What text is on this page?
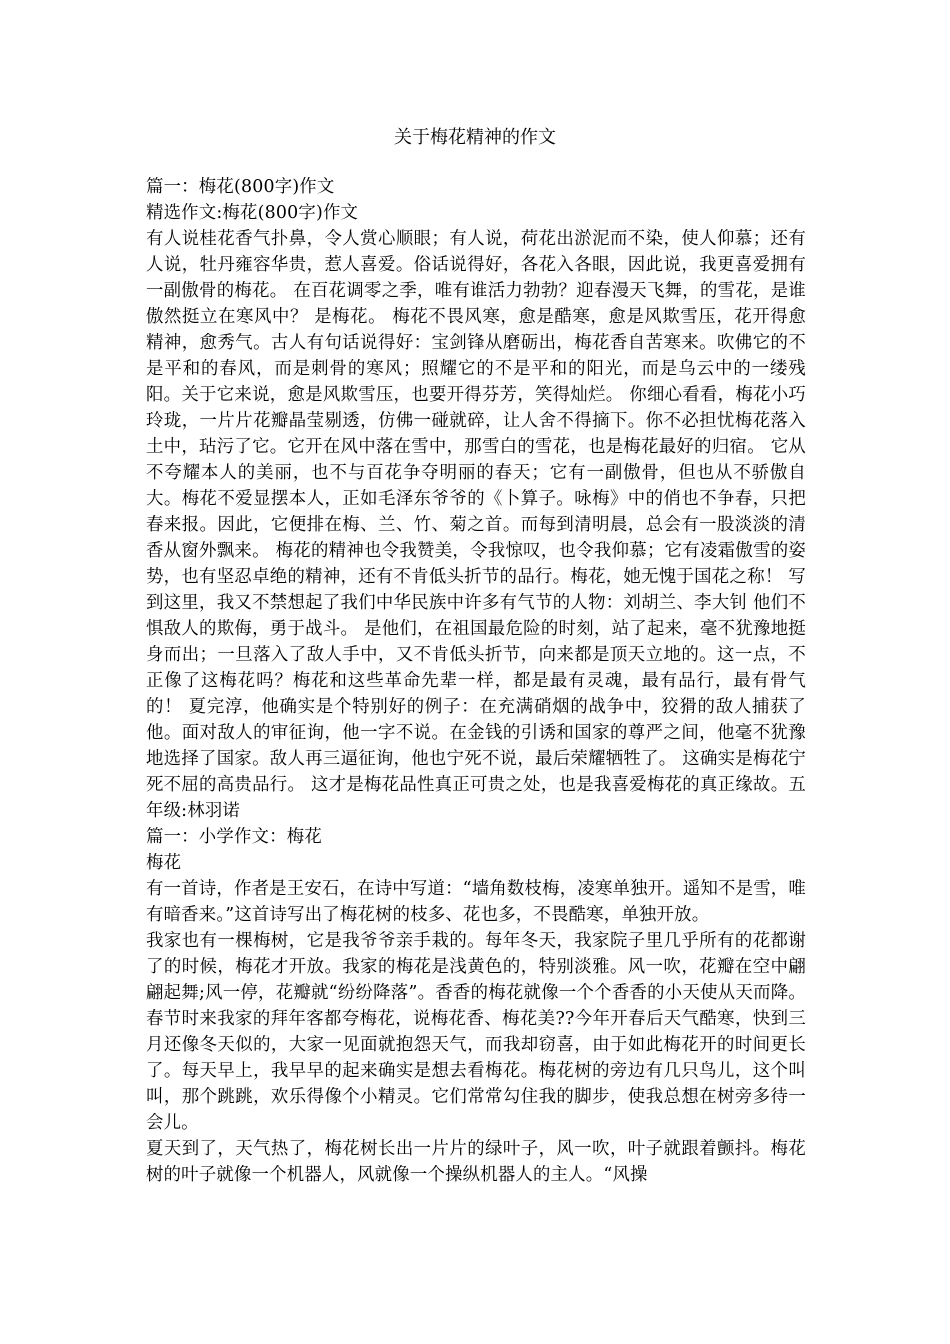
关于梅花精神的作文

篇一：梅花(800字)作文

精选作文:梅花(800字)作文

有人说桂花香气扑鼻，令人赏心顺眼；有人说，荷花出淤泥而不染，使人仰慕；还有人说，牡丹雍容华贵，惹人喜爱。俗话说得好，各花入各眼，因此说，我更喜爱拥有一副傲骨的梅花。 在百花调零之季，唯有谁活力勃勃？迎春漫天飞舞，的雪花，是谁傲然挺立在寒风中？ 是梅花。 梅花不畏风寒，愈是酷寒，愈是风欺雪压，花开得愈精神，愈秀气。古人有句话说得好：宝剑锋从磨砺出，梅花香自苦寒来。吹佛它的不是平和的春风，而是刺骨的寒风；照耀它的不是平和的阳光，而是乌云中的一缕残阳。关于它来说，愈是风欺雪压，也要开得芬芳，笑得灿烂。 你细心看看，梅花小巧玲珑，一片片花瓣晶莹剔透，仿佛一碰就碎，让人舍不得摘下。你不必担忧梅花落入土中，玷污了它。它开在风中落在雪中，那雪白的雪花，也是梅花最好的归宿。 它从不夸耀本人的美丽，也不与百花争夺明丽的春天；它有一副傲骨，但也从不骄傲自大。梅花不爱显摆本人，正如毛泽东爷爷的《卜算子。咏梅》中的俏也不争春，只把春来报。因此，它便排在梅、兰、竹、菊之首。而每到清明晨，总会有一股淡淡的清香从窗外飘来。 梅花的精神也令我赞美，令我惊叹，也令我仰慕；它有凌霜傲雪的姿势，也有坚忍卓绝的精神，还有不肯低头折节的品行。梅花，她无愧于国花之称！ 写到这里，我又不禁想起了我们中华民族中许多有气节的人物：刘胡兰、李大钊 他们不惧敌人的欺侮，勇于战斗。 是他们，在祖国最危险的时刻，站了起来，毫不犹豫地挺身而出；一旦落入了敌人手中，又不肯低头折节，向来都是顶天立地的。这一点，不正像了这梅花吗？梅花和这些革命先辈一样，都是最有灵魂，最有品行，最有骨气的！ 夏完淳，他确实是个特别好的例子：在充满硝烟的战争中，狡猾的敌人捕获了他。面对敌人的审征询，他一字不说。在金钱的引诱和国家的尊严之间，他毫不犹豫地选择了国家。敌人再三逼征询，他也宁死不说，最后荣耀牺牲了。 这确实是梅花宁死不屈的高贵品行。 这才是梅花品性真正可贵之处，也是我喜爱梅花的真正缘故。五年级:林羽诺

篇一：小学作文：梅花

梅花

有一首诗，作者是王安石，在诗中写道：“墙角数枝梅，凌寒单独开。遥知不是雪，唯有暗香来。”这首诗写出了梅花树的枝多、花也多，不畏酷寒，单独开放。

我家也有一棵梅树，它是我爷爷亲手栽的。每年冬天，我家院子里几乎所有的花都谢了的时候，梅花才开放。我家的梅花是浅黄色的，特别淡雅。风一吹，花瓣在空中翩翩起舞;风一停，花瓣就“纷纷降落”。香香的梅花就像一个个香香的小天使从天而降。春节时来我家的拜年客都夸梅花，说梅花香、梅花美??今年开春后天气酷寒，快到三月还像冬天似的，大家一见面就抱怨天气，而我却窃喜，由于如此梅花开的时间更长了。每天早上，我早早的起来确实是想去看梅花。梅花树的旁边有几只鸟儿，这个叫叫，那个跳跳，欢乐得像个小精灵。它们常常勾住我的脚步，使我总想在树旁多待一会儿。

夏天到了，天气热了，梅花树长出一片片的绿叶子，风一吹，叶子就跟着颤抖。梅花树的叶子就像一个机器人，风就像一个操纵机器人的主人。“风操
